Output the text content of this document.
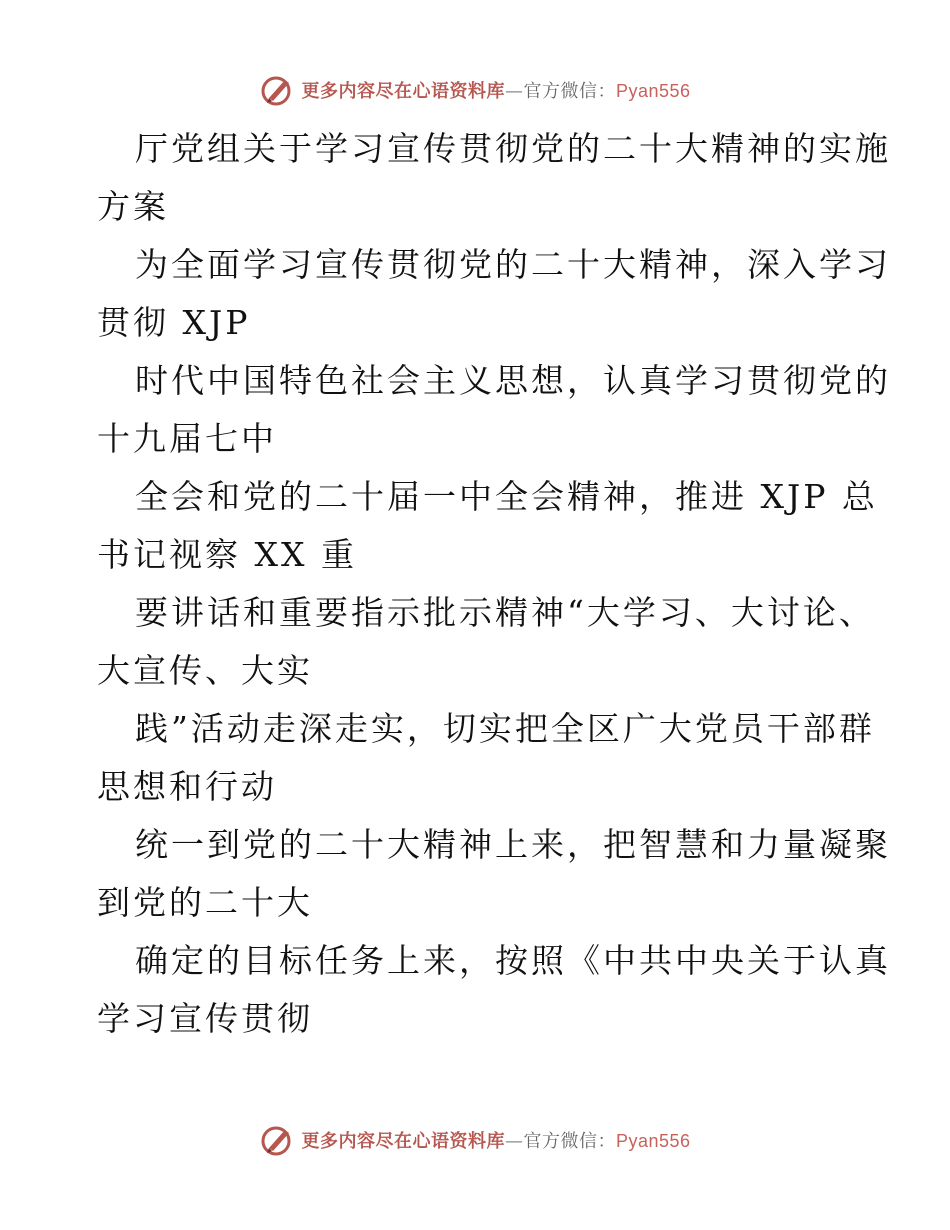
更多内容尽在心语资料库—官方微信：Pyan556
厅党组关于学习宣传贯彻党的二十大精神的实施
方案
为全面学习宣传贯彻党的二十大精神，深入学习
贯彻 XJP
时代中国特色社会主义思想，认真学习贯彻党的
十九届七中
全会和党的二十届一中全会精神，推进 XJP 总
书记视察 XX 重
要讲话和重要指示批示精神“大学习、大讨论、
大宣传、大实
践”活动走深走实，切实把全区广大党员干部群
思想和行动
统一到党的二十大精神上来，把智慧和力量凝聚
到党的二十大
确定的目标任务上来，按照《中共中央关于认真
学习宣传贯彻
更多内容尽在心语资料库—官方微信：Pyan556
